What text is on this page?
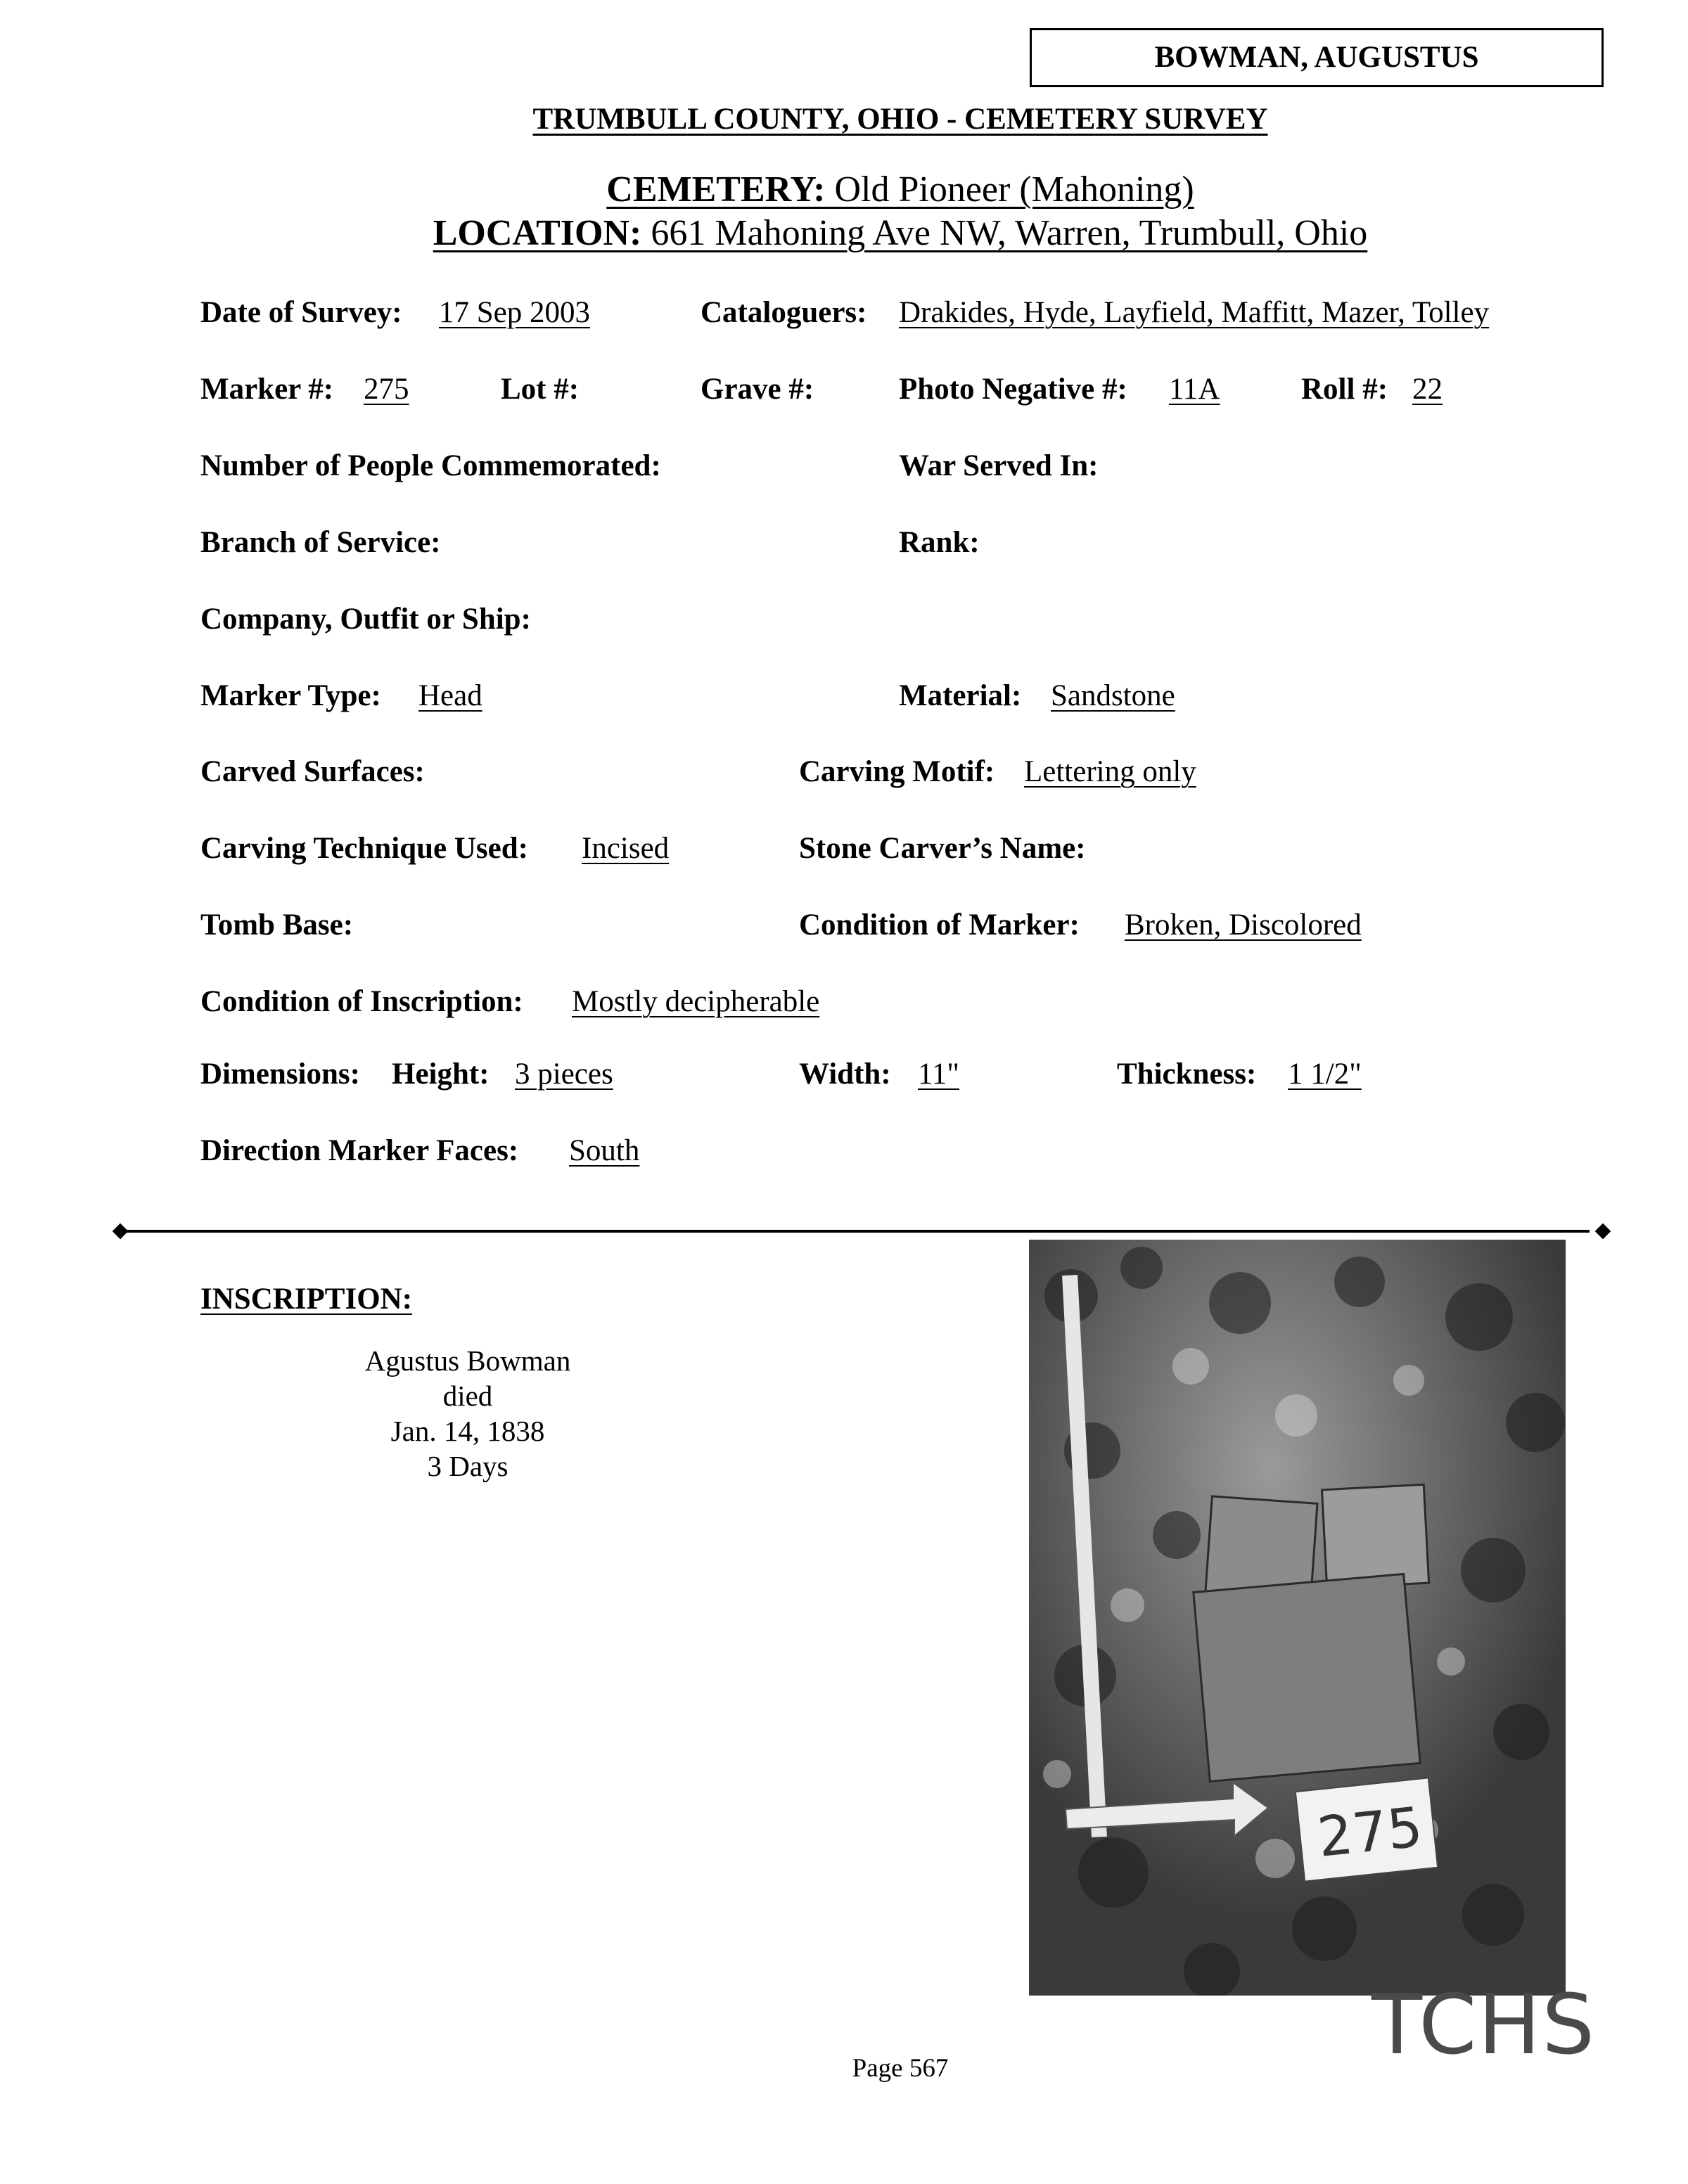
BOWMAN, AUGUSTUS
TRUMBULL COUNTY, OHIO - CEMETERY SURVEY
CEMETERY: Old Pioneer (Mahoning)
LOCATION: 661 Mahoning Ave NW, Warren, Trumbull, Ohio
Date of Survey: 17 Sep 2003	Cataloguers: Drakides, Hyde, Layfield, Maffitt, Mazer, Tolley
Marker #: 275	Lot #:	Grave #:	Photo Negative #: 11A	Roll #: 22
Number of People Commemorated:	War Served In:
Branch of Service:	Rank:
Company, Outfit or Ship:
Marker Type: Head	Material: Sandstone
Carved Surfaces:	Carving Motif: Lettering only
Carving Technique Used: Incised	Stone Carver’s Name:
Tomb Base:	Condition of Marker: Broken, Discolored
Condition of Inscription: Mostly decipherable
Dimensions: Height: 3 pieces	Width: 11"	Thickness: 1 1/2"
Direction Marker Faces: South
INSCRIPTION:
Agustus Bowman
died
Jan. 14, 1838
3 Days
275
TCHS
Page 567
